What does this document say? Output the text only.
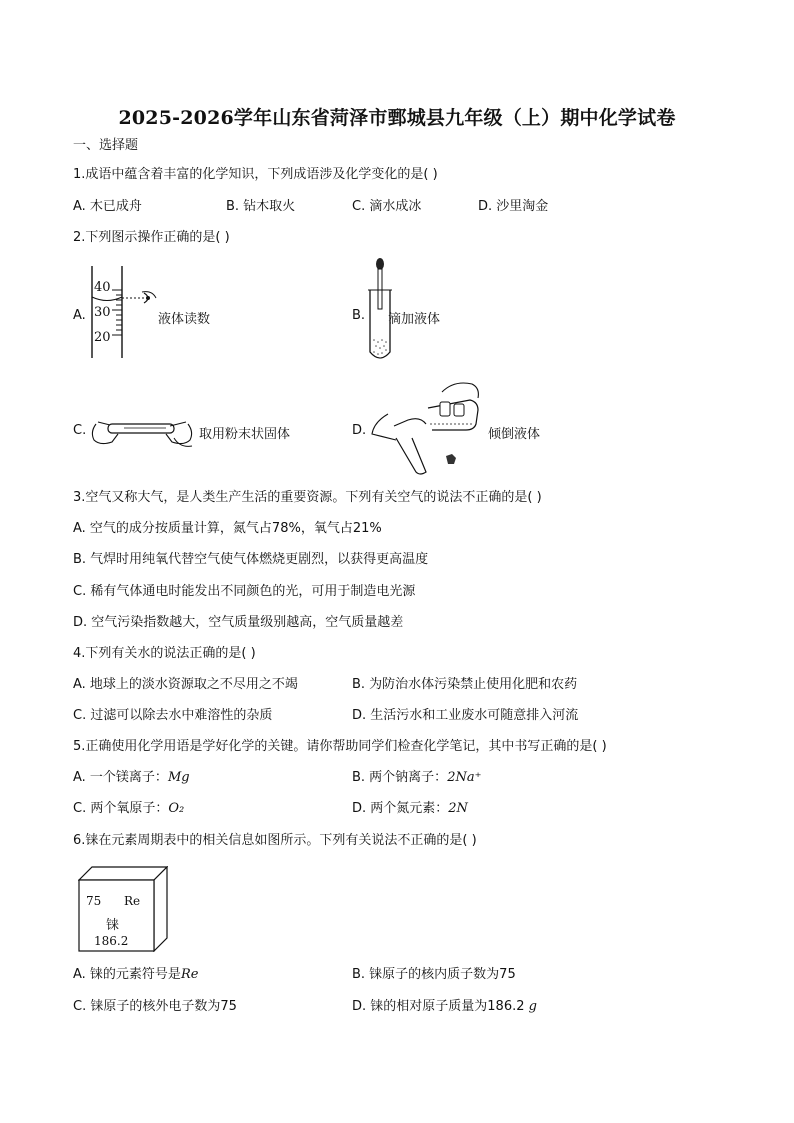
2025-2026学年山东省菏泽市鄄城县九年级（上）期中化学试卷
一、选择题
1.成语中蕴含着丰富的化学知识，下列成语涉及化学变化的是( )
A. 木已成舟	B. 钻木取火	C. 滴水成冰	D. 沙里淘金
2.下列图示操作正确的是( )
A.
40
30
20
液体读数	B. 滴加液体
C.	取用粉末状固体	D.	倾倒液体
3.空气又称大气，是人类生产生活的重要资源。下列有关空气的说法不正确的是( )
A. 空气的成分按质量计算，氮气占78%，氧气占21%
B. 气焊时用纯氧代替空气使气体燃烧更剧烈，以获得更高温度
C. 稀有气体通电时能发出不同颜色的光，可用于制造电光源
D. 空气污染指数越大，空气质量级别越高，空气质量越差
4.下列有关水的说法正确的是( )
A. 地球上的淡水资源取之不尽用之不竭	B. 为防治水体污染禁止使用化肥和农药
C. 过滤可以除去水中难溶性的杂质	D. 生活污水和工业废水可随意排入河流
5.正确使用化学用语是学好化学的关键。请你帮助同学们检查化学笔记，其中书写正确的是( )
A. 一个镁离子：Mg	B. 两个钠离子：2Na⁺
C. 两个氧原子：O₂	D. 两个氮元素：2N
6.铼在元素周期表中的相关信息如图所示。下列有关说法不正确的是( )
75 Re
铼
186.2
A. 铼的元素符号是Re	B. 铼原子的核内质子数为75
C. 铼原子的核外电子数为75	D. 铼的相对原子质量为186.2 g
